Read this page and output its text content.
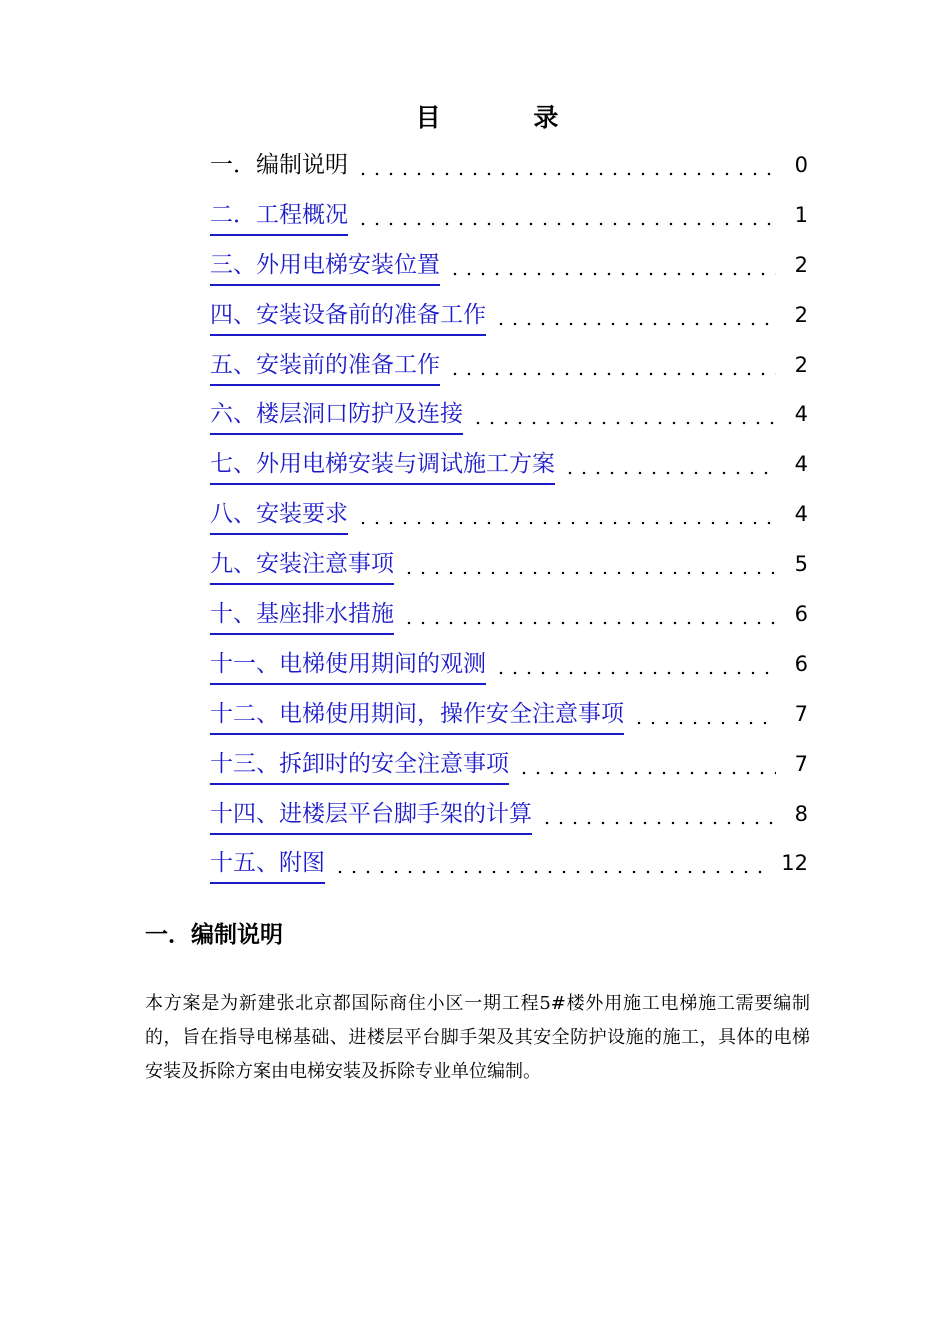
目 录
一．编制说明	0
二．工程概况	1
三、外用电梯安装位置	2
四、安装设备前的准备工作	2
五、安装前的准备工作	2
六、楼层洞口防护及连接	4
七、外用电梯安装与调试施工方案	4
八、安装要求	4
九、安装注意事项	5
十、基座排水措施	6
十一、电梯使用期间的观测	6
十二、电梯使用期间，操作安全注意事项	7
十三、拆卸时的安全注意事项	7
十四、进楼层平台脚手架的计算	8
十五、附图	12
一．编制说明

本方案是为新建张北京都国际商住小区一期工程5#楼外用施工电梯施工需要编制的，旨在指导电梯基础、进楼层平台脚手架及其安全防护设施的施工，具体的电梯安装及拆除方案由电梯安装及拆除专业单位编制。
